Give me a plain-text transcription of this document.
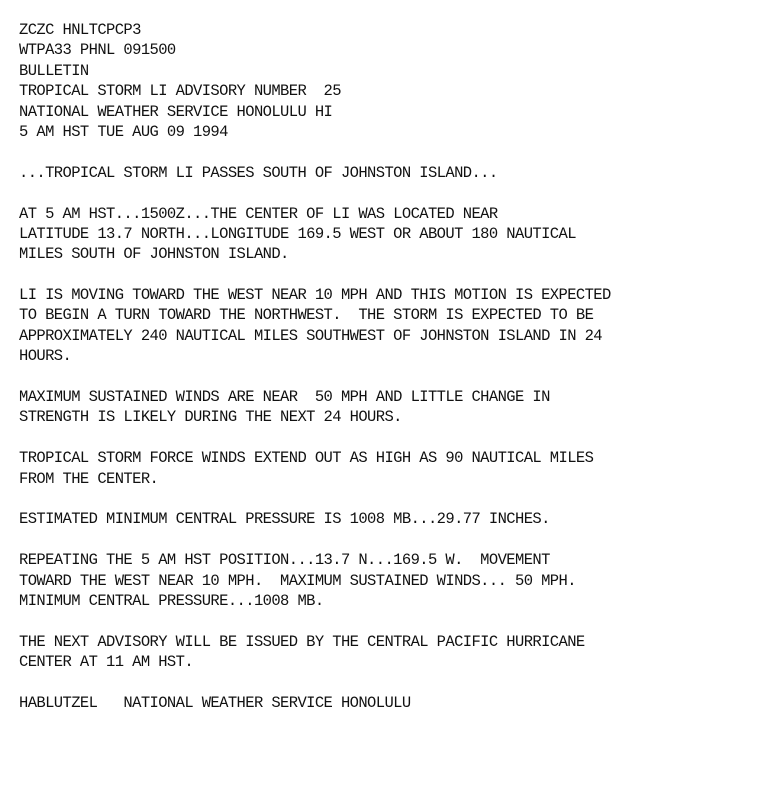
ZCZC HNLTCPCP3
WTPA33 PHNL 091500
BULLETIN
TROPICAL STORM LI ADVISORY NUMBER  25
NATIONAL WEATHER SERVICE HONOLULU HI
5 AM HST TUE AUG 09 1994
...TROPICAL STORM LI PASSES SOUTH OF JOHNSTON ISLAND...
AT 5 AM HST...1500Z...THE CENTER OF LI WAS LOCATED NEAR
LATITUDE 13.7 NORTH...LONGITUDE 169.5 WEST OR ABOUT 180 NAUTICAL
MILES SOUTH OF JOHNSTON ISLAND.
LI IS MOVING TOWARD THE WEST NEAR 10 MPH AND THIS MOTION IS EXPECTED
TO BEGIN A TURN TOWARD THE NORTHWEST.  THE STORM IS EXPECTED TO BE
APPROXIMATELY 240 NAUTICAL MILES SOUTHWEST OF JOHNSTON ISLAND IN 24
HOURS.
MAXIMUM SUSTAINED WINDS ARE NEAR  50 MPH AND LITTLE CHANGE IN
STRENGTH IS LIKELY DURING THE NEXT 24 HOURS.
TROPICAL STORM FORCE WINDS EXTEND OUT AS HIGH AS 90 NAUTICAL MILES
FROM THE CENTER.
ESTIMATED MINIMUM CENTRAL PRESSURE IS 1008 MB...29.77 INCHES.
REPEATING THE 5 AM HST POSITION...13.7 N...169.5 W.  MOVEMENT
TOWARD THE WEST NEAR 10 MPH.  MAXIMUM SUSTAINED WINDS... 50 MPH.
MINIMUM CENTRAL PRESSURE...1008 MB.
THE NEXT ADVISORY WILL BE ISSUED BY THE CENTRAL PACIFIC HURRICANE
CENTER AT 11 AM HST.
HABLUTZEL   NATIONAL WEATHER SERVICE HONOLULU
